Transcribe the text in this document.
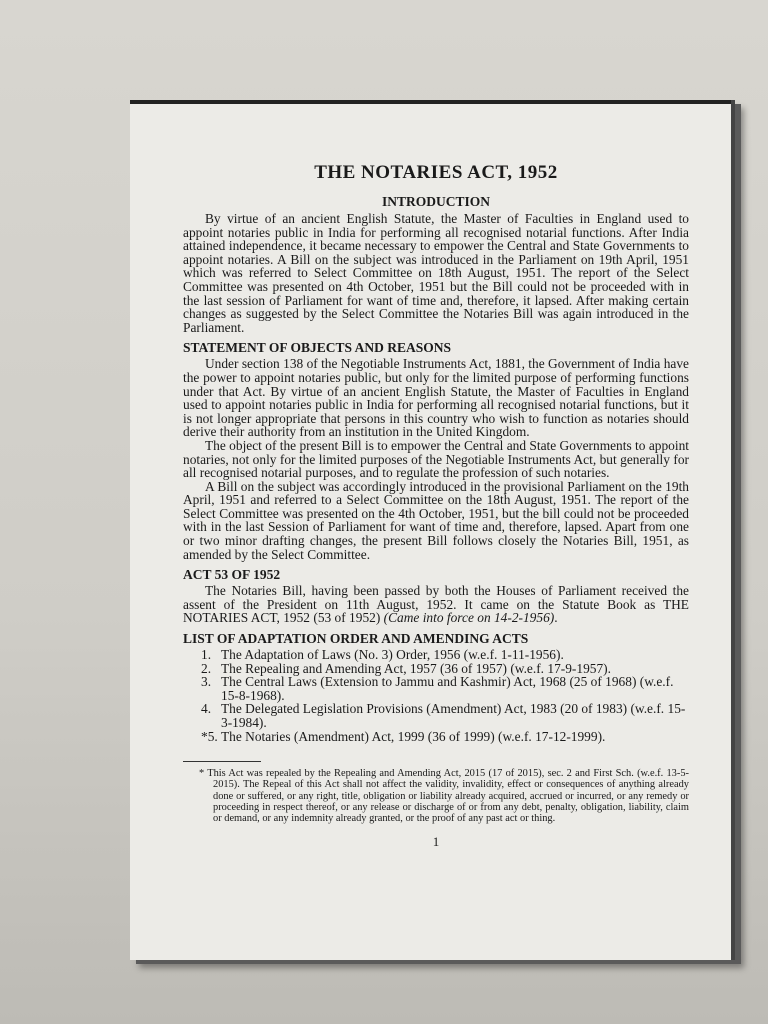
THE NOTARIES ACT, 1952
INTRODUCTION

By virtue of an ancient English Statute, the Master of Faculties in England used to appoint notaries public in India for performing all recognised notarial functions. After India attained independence, it became necessary to empower the Central and State Governments to appoint notaries. A Bill on the subject was introduced in the Parliament on 19th April, 1951 which was referred to Select Committee on 18th August, 1951. The report of the Select Committee was presented on 4th October, 1951 but the Bill could not be proceeded with in the last session of Parliament for want of time and, therefore, it lapsed. After making certain changes as suggested by the Select Committee the Notaries Bill was again introduced in the Parliament.

STATEMENT OF OBJECTS AND REASONS

Under section 138 of the Negotiable Instruments Act, 1881, the Government of India have the power to appoint notaries public, but only for the limited purpose of performing functions under that Act. By virtue of an ancient English Statute, the Master of Faculties in England used to appoint notaries public in India for performing all recognised notarial functions, but it is not longer appropriate that persons in this country who wish to function as notaries should derive their authority from an institution in the United Kingdom.

The object of the present Bill is to empower the Central and State Governments to appoint notaries, not only for the limited purposes of the Negotiable Instruments Act, but generally for all recognised notarial purposes, and to regulate the profession of such notaries.

A Bill on the subject was accordingly introduced in the provisional Parliament on the 19th April, 1951 and referred to a Select Committee on the 18th August, 1951. The report of the Select Committee was presented on the 4th October, 1951, but the bill could not be proceeded with in the last Session of Parliament for want of time and, therefore, lapsed. Apart from one or two minor drafting changes, the present Bill follows closely the Notaries Bill, 1951, as amended by the Select Committee.

ACT 53 OF 1952

The Notaries Bill, having been passed by both the Houses of Parliament received the assent of the President on 11th August, 1952. It came on the Statute Book as THE NOTARIES ACT, 1952 (53 of 1952) (Came into force on 14-2-1956).

LIST OF ADAPTATION ORDER AND AMENDING ACTS
1. The Adaptation of Laws (No. 3) Order, 1956 (w.e.f. 1-11-1956).
2. The Repealing and Amending Act, 1957 (36 of 1957) (w.e.f. 17-9-1957).
3. The Central Laws (Extension to Jammu and Kashmir) Act, 1968 (25 of 1968) (w.e.f. 15-8-1968).
4. The Delegated Legislation Provisions (Amendment) Act, 1983 (20 of 1983) (w.e.f. 15-3-1984).
*5. The Notaries (Amendment) Act, 1999 (36 of 1999) (w.e.f. 17-12-1999).
* This Act was repealed by the Repealing and Amending Act, 2015 (17 of 2015), sec. 2 and First Sch. (w.e.f. 13-5-2015). The Repeal of this Act shall not affect the validity, invalidity, effect or consequences of anything already done or suffered, or any right, title, obligation or liability already acquired, accrued or incurred, or any remedy or proceeding in respect thereof, or any release or discharge of or from any debt, penalty, obligation, liability, claim or demand, or any indemnity already granted, or the proof of any past act or thing.
1
